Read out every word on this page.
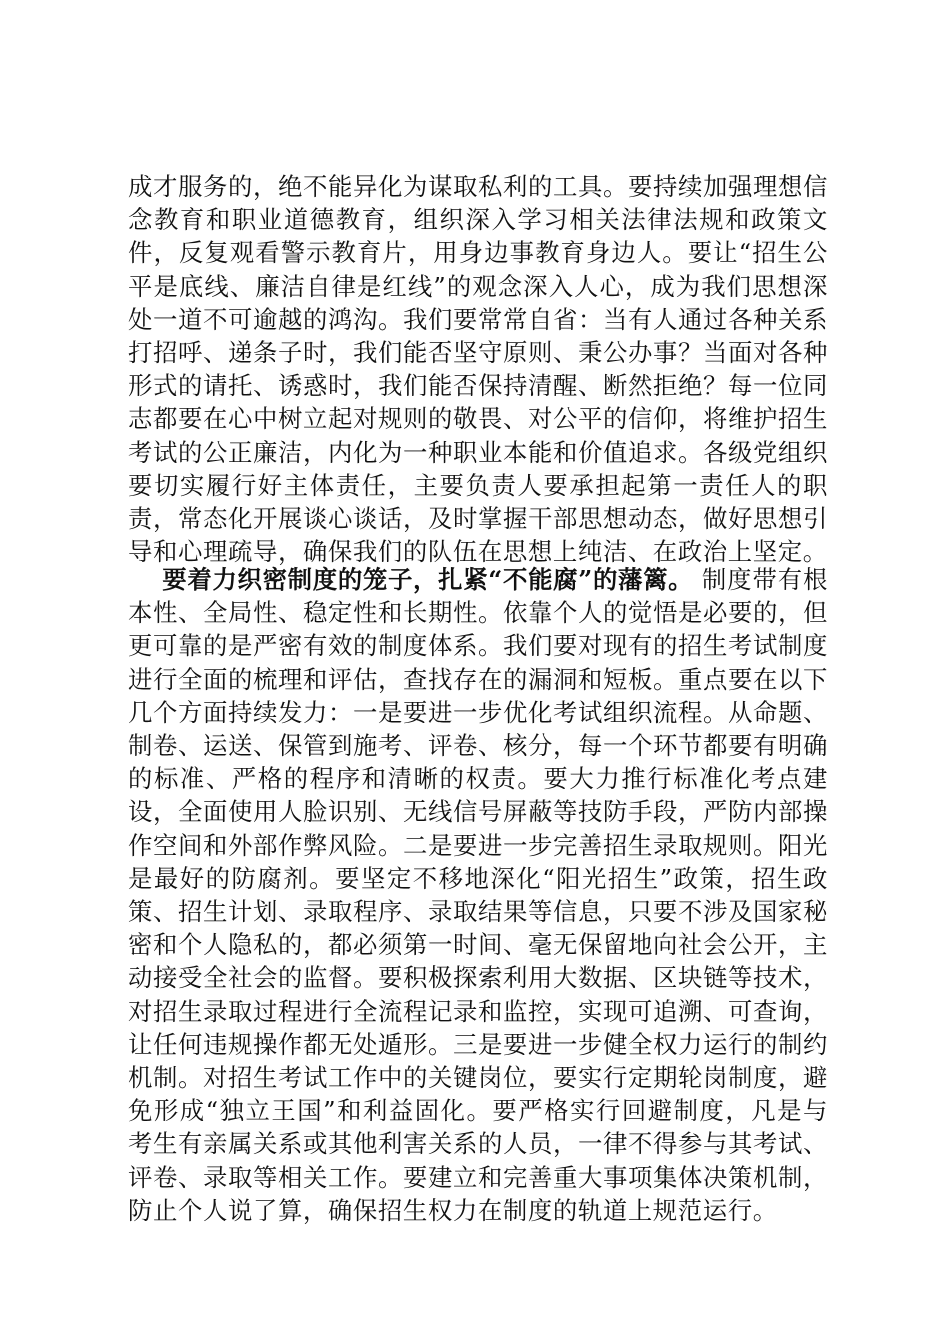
成才服务的，绝不能异化为谋取私利的工具。要持续加强理想信念教育和职业道德教育，组织深入学习相关法律法规和政策文件，反复观看警示教育片，用身边事教育身边人。要让“招生公平是底线、廉洁自律是红线”的观念深入人心，成为我们思想深处一道不可逾越的鸿沟。我们要常常自省：当有人通过各种关系打招呼、递条子时，我们能否坚守原则、秉公办事？当面对各种形式的请托、诱惑时，我们能否保持清醒、断然拒绝？每一位同志都要在心中树立起对规则的敬畏、对公平的信仰，将维护招生考试的公正廉洁，内化为一种职业本能和价值追求。各级党组织要切实履行好主体责任，主要负责人要承担起第一责任人的职责，常态化开展谈心谈话，及时掌握干部思想动态，做好思想引导和心理疏导，确保我们的队伍在思想上纯洁、在政治上坚定。

要着力织密制度的笼子，扎紧“不能腐”的藩篱。 制度带有根本性、全局性、稳定性和长期性。依靠个人的觉悟是必要的，但更可靠的是严密有效的制度体系。我们要对现有的招生考试制度进行全面的梳理和评估，查找存在的漏洞和短板。重点要在以下几个方面持续发力：一是要进一步优化考试组织流程。从命题、制卷、运送、保管到施考、评卷、核分，每一个环节都要有明确的标准、严格的程序和清晰的权责。要大力推行标准化考点建设，全面使用人脸识别、无线信号屏蔽等技防手段，严防内部操作空间和外部作弊风险。二是要进一步完善招生录取规则。阳光是最好的防腐剂。要坚定不移地深化“阳光招生”政策，招生政策、招生计划、录取程序、录取结果等信息，只要不涉及国家秘密和个人隐私的，都必须第一时间、毫无保留地向社会公开，主动接受全社会的监督。要积极探索利用大数据、区块链等技术，对招生录取过程进行全流程记录和监控，实现可追溯、可查询，让任何违规操作都无处遁形。三是要进一步健全权力运行的制约机制。对招生考试工作中的关键岗位，要实行定期轮岗制度，避免形成“独立王国”和利益固化。要严格实行回避制度，凡是与考生有亲属关系或其他利害关系的人员，一律不得参与其考试、评卷、录取等相关工作。要建立和完善重大事项集体决策机制，防止个人说了算，确保招生权力在制度的轨道上规范运行。
